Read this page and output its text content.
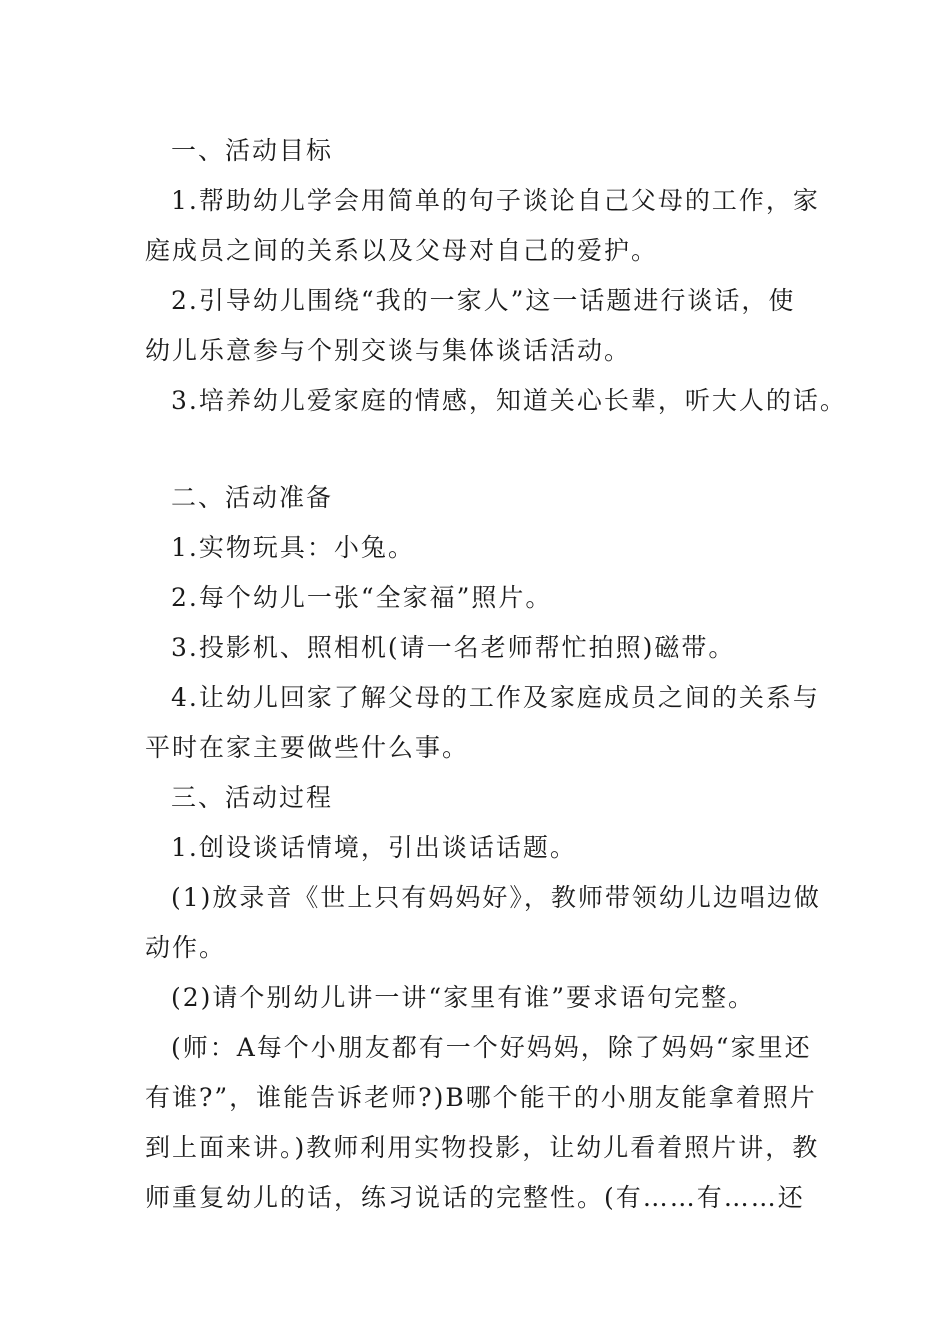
一、活动目标
1.帮助幼儿学会用简单的句子谈论自己父母的工作，家
庭成员之间的关系以及父母对自己的爱护。
2.引导幼儿围绕“我的一家人”这一话题进行谈话，使
幼儿乐意参与个别交谈与集体谈话活动。
3.培养幼儿爱家庭的情感，知道关心长辈，听大人的话。
二、活动准备
1.实物玩具：小兔。
2.每个幼儿一张“全家福”照片。
3.投影机、照相机(请一名老师帮忙拍照)磁带。
4.让幼儿回家了解父母的工作及家庭成员之间的关系与
平时在家主要做些什么事。
三、活动过程
1.创设谈话情境，引出谈话话题。
(1)放录音《世上只有妈妈好》，教师带领幼儿边唱边做
动作。
(2)请个别幼儿讲一讲“家里有谁”要求语句完整。
(师：A每个小朋友都有一个好妈妈，除了妈妈“家里还
有谁?”，谁能告诉老师?)B哪个能干的小朋友能拿着照片
到上面来讲。)教师利用实物投影，让幼儿看着照片讲，教
师重复幼儿的话，练习说话的完整性。(有……有……还
